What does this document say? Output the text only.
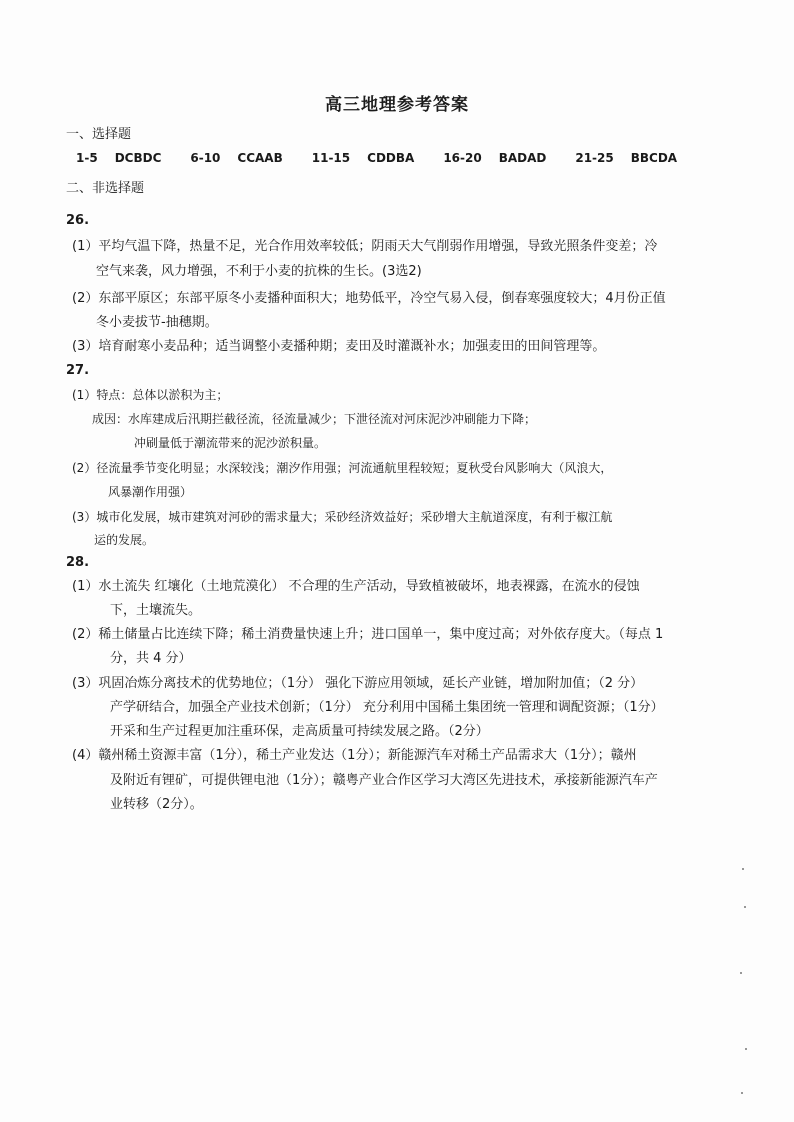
高三地理参考答案
一、选择题
1-5 DCBDC 6-10 CCAAB 11-15 CDDBA 16-20 BADAD 21-25 BBCDA
二、非选择题
26.
(1）平均气温下降，热量不足，光合作用效率较低；阴雨天大气削弱作用增强，导致光照条件变差；冷
空气来袭，风力增强，不利于小麦的抗株的生长。(3选2)
(2）东部平原区；东部平原冬小麦播种面积大；地势低平，冷空气易入侵，倒春寒强度较大；4月份正值
冬小麦拔节-抽穗期。
(3）培育耐寒小麦品种；适当调整小麦播种期；麦田及时灌溉补水；加强麦田的田间管理等。
27.
(1）特点：总体以淤积为主；
成因：水库建成后汛期拦截径流，径流量减少；下泄径流对河床泥沙冲刷能力下降；
冲刷量低于潮流带来的泥沙淤积量。
(2）径流量季节变化明显；水深较浅；潮汐作用强；河流通航里程较短；夏秋受台风影响大（风浪大，
风暴潮作用强）
(3）城市化发展，城市建筑对河砂的需求量大；采砂经济效益好；采砂增大主航道深度，有利于椒江航
运的发展。
28.
(1）水土流失 红壤化（土地荒漠化） 不合理的生产活动，导致植被破坏，地表裸露，在流水的侵蚀
下，土壤流失。
(2）稀土储量占比连续下降；稀土消费量快速上升；进口国单一，集中度过高；对外依存度大。（每点 1
分，共 4 分）
(3）巩固冶炼分离技术的优势地位；（1分） 强化下游应用领域，延长产业链，增加附加值；（2 分）
产学研结合，加强全产业技术创新；（1分） 充分利用中国稀土集团统一管理和调配资源；（1分）
开采和生产过程更加注重环保，走高质量可持续发展之路。（2分）
(4）赣州稀土资源丰富（1分），稀土产业发达（1分）；新能源汽车对稀土产品需求大（1分）；赣州
及附近有锂矿，可提供锂电池（1分）；赣粤产业合作区学习大湾区先进技术，承接新能源汽车产
业转移（2分）。
